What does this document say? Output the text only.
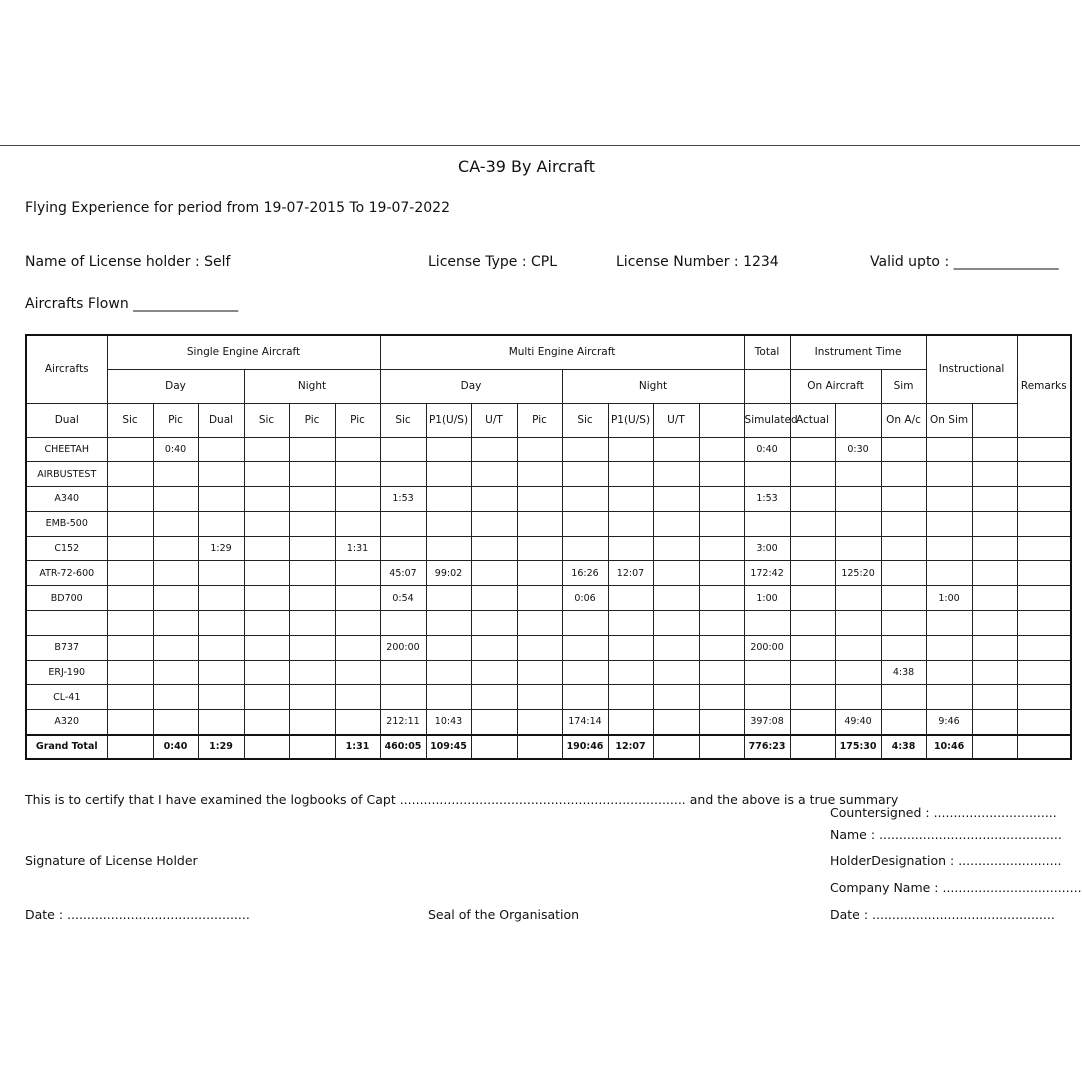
CA-39 By Aircraft
Flying Experience for period from 19-07-2015 To 19-07-2022
Name of License holder : Self	License Type : CPL	License Number : 1234	Valid upto : _______________
Aircrafts Flown _______________
Aircrafts	Single Engine Aircraft						Multi Engine Aircraft								Total	Instrument Time			Instructional		Remarks
	Day			Night			Day				Night					On Aircraft		Sim			
Dual	Sic	Pic	Dual	Sic	Pic	Pic	Sic	P1(U/S)	U/T	Pic	Sic	P1(U/S)	U/T		Simulated	Actual		On A/c	On Sim		
CHEETAH		0:40													0:40		0:30				
AIRBUSTEST																					
A340							1:53								1:53						
EMB-500																					
C152			1:29			1:31									3:00						
ATR-72-600							45:07	99:02			16:26	12:07			172:42		125:20				
BD700							0:54				0:06				1:00				1:00		

B737							200:00								200:00						
ERJ-190																		4:38			
CL-41																					
A320							212:11	10:43			174:14				397:08		49:40		9:46		
Grand Total		0:40	1:29			1:31	460:05	109:45			190:46	12:07			776:23		175:30	4:38	10:46		
This is to certify that I have examined the logbooks of Capt ........................................................................ and the above is a true summary
Countersigned : ...............................
Name : ..............................................
Signature of License Holder	HolderDesignation : ..........................
Company Name : ...................................
Date : ..............................................	Seal of the Organisation	Date : ..............................................
